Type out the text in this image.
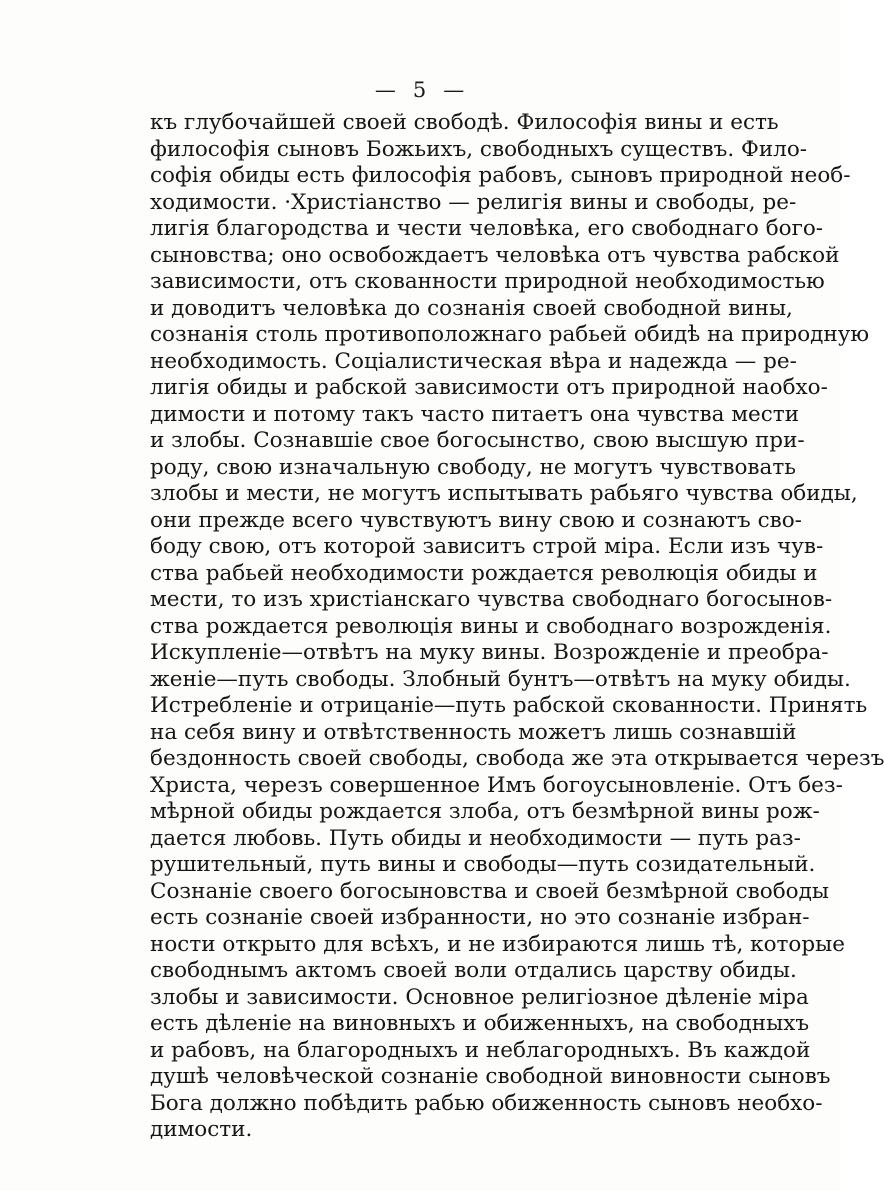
— 5 —
къ глубочайшей своей свободѣ. Философія вины и есть
философія сыновъ Божьихъ, свободныхъ существъ. Фило-
софія обиды есть философія рабовъ, сыновъ природной необ-
ходимости. ·Христіанство — религія вины и свободы, ре-
лигія благородства и чести человѣка, его свободнаго бого-
сыновства; оно освобождаетъ человѣка отъ чувства рабской
зависимости, отъ скованности природной необходимостью
и доводитъ человѣка до сознанія своей свободной вины,
сознанія столь противоположнаго рабьей обидѣ на природную
необходимость. Соціалистическая вѣра и надежда — ре-
лигія обиды и рабской зависимости отъ природной наобхо-
димости и потому такъ часто питаетъ она чувства мести
и злобы. Сознавшіе свое богосынство, свою высшую при-
роду, свою изначальную свободу, не могутъ чувствовать
злобы и мести, не могутъ испытывать рабьяго чувства обиды,
они прежде всего чувствуютъ вину свою и сознаютъ сво-
боду свою, отъ которой зависитъ строй міра. Если изъ чув-
ства рабьей необходимости рождается революція обиды и
мести, то изъ христіанскаго чувства свободнаго богосынов-
ства рождается революція вины и свободнаго возрожденія.
Искупленіе—отвѣтъ на муку вины. Возрожденіе и преобра-
женіе—путь свободы. Злобный бунтъ—отвѣтъ на муку обиды.
Истребленіе и отрицаніе—путь рабской скованности. Принять
на себя вину и отвѣтственность можетъ лишь сознавшій
бездонность своей свободы, свобода же эта открывается черезъ
Христа, черезъ совершенное Имъ богоусыновленіе. Отъ без-
мѣрной обиды рождается злоба, отъ безмѣрной вины рож-
дается любовь. Путь обиды и необходимости — путь раз-
рушительный, путь вины и свободы—путь созидательный.
Сознаніе своего богосыновства и своей безмѣрной свободы
есть сознаніе своей избранности, но это сознаніе избран-
ности открыто для всѣхъ, и не избираются лишь тѣ, которые
свободнымъ актомъ своей воли отдались царству обиды.
злобы и зависимости. Основное религіозное дѣленіе міра
есть дѣленіе на виновныхъ и обиженныхъ, на свободныхъ
и рабовъ, на благородныхъ и неблагородныхъ. Въ каждой
душѣ человѣческой сознаніе свободной виновности сыновъ
Бога должно побѣдить рабью обиженность сыновъ необхо-
димости.
